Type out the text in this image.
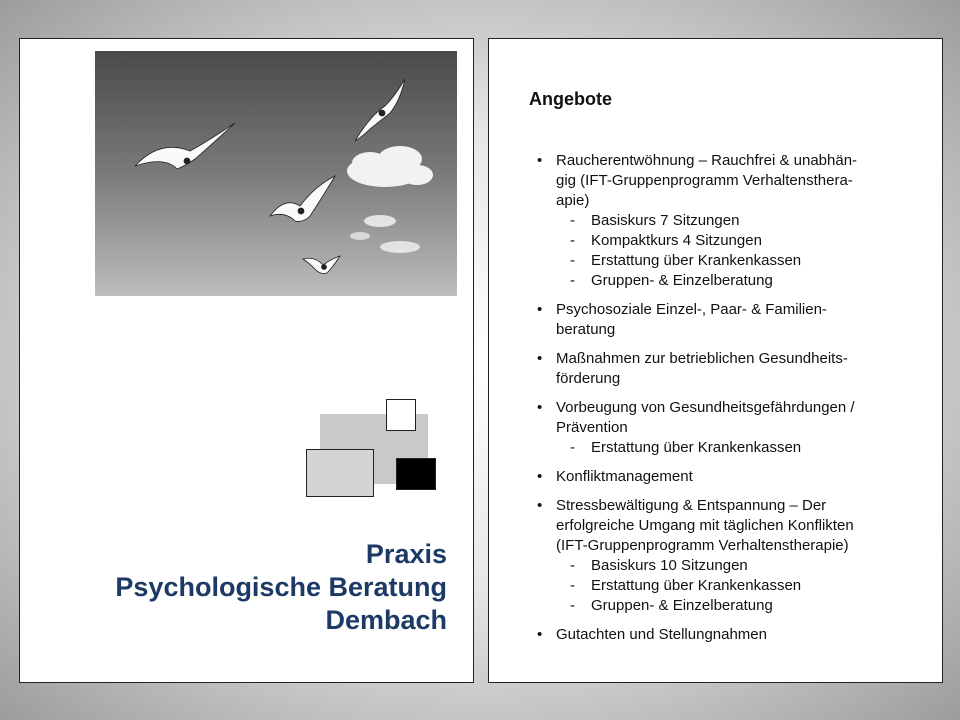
Praxis
Psychologische Beratung
Dembach
Angebote
• Raucherentwöhnung – Rauchfrei & unabhän-
gig (IFT-Gruppenprogramm Verhaltensthera-
apie)
- Basiskurs 7 Sitzungen
- Kompaktkurs 4 Sitzungen
- Erstattung über Krankenkassen
- Gruppen- & Einzelberatung
• Psychosoziale Einzel-, Paar- & Familien-
beratung
• Maßnahmen zur betrieblichen Gesundheits-
förderung
• Vorbeugung von Gesundheitsgefährdungen /
Prävention
- Erstattung über Krankenkassen
• Konfliktmanagement
• Stressbewältigung & Entspannung – Der
erfolgreiche Umgang mit täglichen Konflikten
(IFT-Gruppenprogramm Verhaltenstherapie)
- Basiskurs 10 Sitzungen
- Erstattung über Krankenkassen
- Gruppen- & Einzelberatung
• Gutachten und Stellungnahmen
